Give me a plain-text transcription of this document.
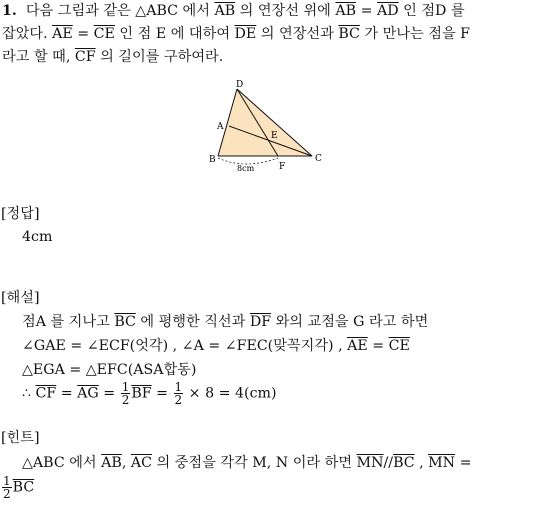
1. 다음 그림과 같은 △ABC 에서 $\overline{AB}$ 의 연장선 위에 $\overline{AB} = \overline{AD}$ 인 점D 를
잡았다. $\overline{AE} = \overline{CE}$ 인 점 E 에 대하여 $\overline{DE}$ 의 연장선과 $\overline{BC}$ 가 만나는 점을 F
라고 할 때, $\overline{CF}$ 의 길이를 구하여라.
D
A
E
B
F
C
8cm
[정답]
4cm
[해설]
점A 를 지나고 $\overline{BC}$ 에 평행한 직선과 $\overline{DF}$ 와의 교점을 G 라고 하면
∠GAE = ∠ECF(엇각) , ∠A = ∠FEC(맞꼭지각) , $\overline{AE} = \overline{CE}$
△EGA = △EFC(ASA합동)
∴ $\overline{CF} = \overline{AG} = \frac{1}{2} \overline{BF} = \frac{1}{2} \times 8 = 4(cm)$
[힌트]
△ABC 에서 $\overline{AB}$, $\overline{AC}$ 의 중점을 각각 M, N 이라 하면 $\overline{MN}//\overline{BC}$ , $\overline{MN}$ =
$\frac{1}{2} \overline{BC}$
